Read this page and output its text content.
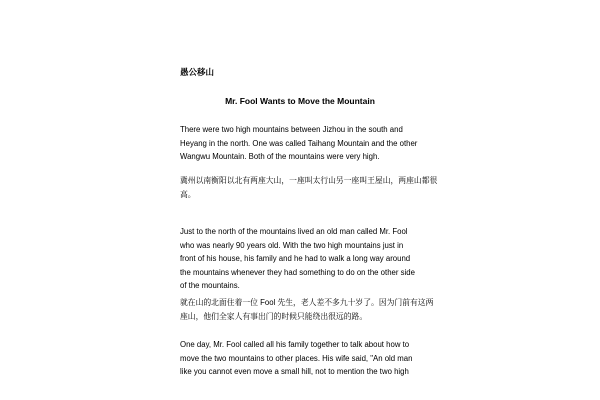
愚公移山

Mr. Fool Wants to Move the Mountain

There were two high mountains between Jizhou in the south and
Heyang in the north. One was called Taihang Mountain and the other
Wangwu Mountain. Both of the mountains were very high.

冀州以南衡阳以北有两座大山，一座叫太行山另一座叫王屋山，两座山都很
高。

Just to the north of the mountains lived an old man called Mr. Fool
who was nearly 90 years old. With the two high mountains just in
front of his house, his family and he had to walk a long way around
the mountains whenever they had something to do on the other side
of the mountains.

就在山的北面住着一位 Fool 先生，老人差不多九十岁了。因为门前有这两
座山，他们全家人有事出门的时候只能绕出很远的路。

One day, Mr. Fool called all his family together to talk about how to
move the two mountains to other places. His wife said, "An old man
like you cannot even move a small hill, not to mention the two high
